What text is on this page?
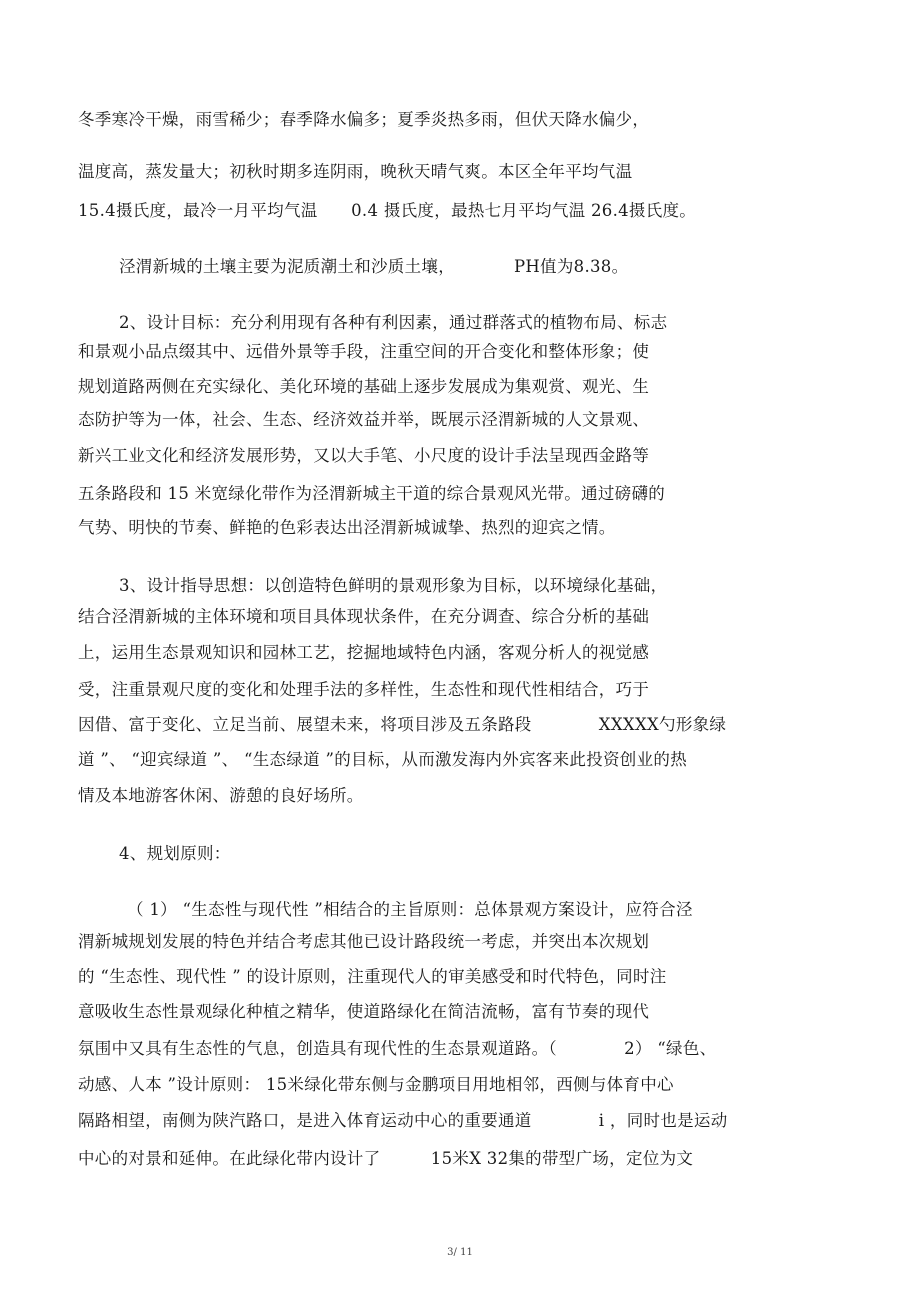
冬季寒冷干燥，雨雪稀少；春季降水偏多；夏季炎热多雨，但伏天降水偏少，
温度高，蒸发量大；初秋时期多连阴雨，晚秋天晴气爽。本区全年平均气温
15.4摄氏度，最冷一月平均气温　　0.4 摄氏度，最热七月平均气温 26.4摄氏度。
泾渭新城的土壤主要为泥质潮土和沙质土壤，　　　　PH值为8.38。
2、设计目标：充分利用现有各种有利因素，通过群落式的植物布局、标志
和景观小品点缀其中、远借外景等手段，注重空间的开合变化和整体形象；使
规划道路两侧在充实绿化、美化环境的基础上逐步发展成为集观赏、观光、生
态防护等为一体，社会、生态、经济效益并举，既展示泾渭新城的人文景观、
新兴工业文化和经济发展形势，又以大手笔、小尺度的设计手法呈现西金路等
五条路段和 15 米宽绿化带作为泾渭新城主干道的综合景观风光带。通过磅礴的
气势、明快的节奏、鲜艳的色彩表达出泾渭新城诚挚、热烈的迎宾之情。
3、设计指导思想：以创造特色鲜明的景观形象为目标，以环境绿化基础，
结合泾渭新城的主体环境和项目具体现状条件，在充分调查、综合分析的基础
上，运用生态景观知识和园林工艺，挖掘地域特色内涵，客观分析人的视觉感
受，注重景观尺度的变化和处理手法的多样性，生态性和现代性相结合，巧于
因借、富于变化、立足当前、展望未来，将项目涉及五条路段　　　　XXXXX勺形象绿
道 ”、 “迎宾绿道 ”、 “生态绿道 ”的目标，从而激发海内外宾客来此投资创业的热
情及本地游客休闲、游憩的良好场所。
4、规划原则：
（ 1） “生态性与现代性 ”相结合的主旨原则：总体景观方案设计，应符合泾
渭新城规划发展的特色并结合考虑其他已设计路段统一考虑，并突出本次规划
的 “生态性、现代性 ” 的设计原则，注重现代人的审美感受和时代特色，同时注
意吸收生态性景观绿化种植之精华，使道路绿化在简洁流畅，富有节奏的现代
氛围中又具有生态性的气息，创造具有现代性的生态景观道路。（　　　　2） “绿色、
动感、人本 ”设计原则： 15米绿化带东侧与金鹏项目用地相邻，西侧与体育中心
隔路相望，南侧为陕汽路口，是进入体育运动中心的重要通道　　　　i ，同时也是运动
中心的对景和延伸。在此绿化带内设计了　　　15米X 32集的带型广场，定位为文
3/ 11
